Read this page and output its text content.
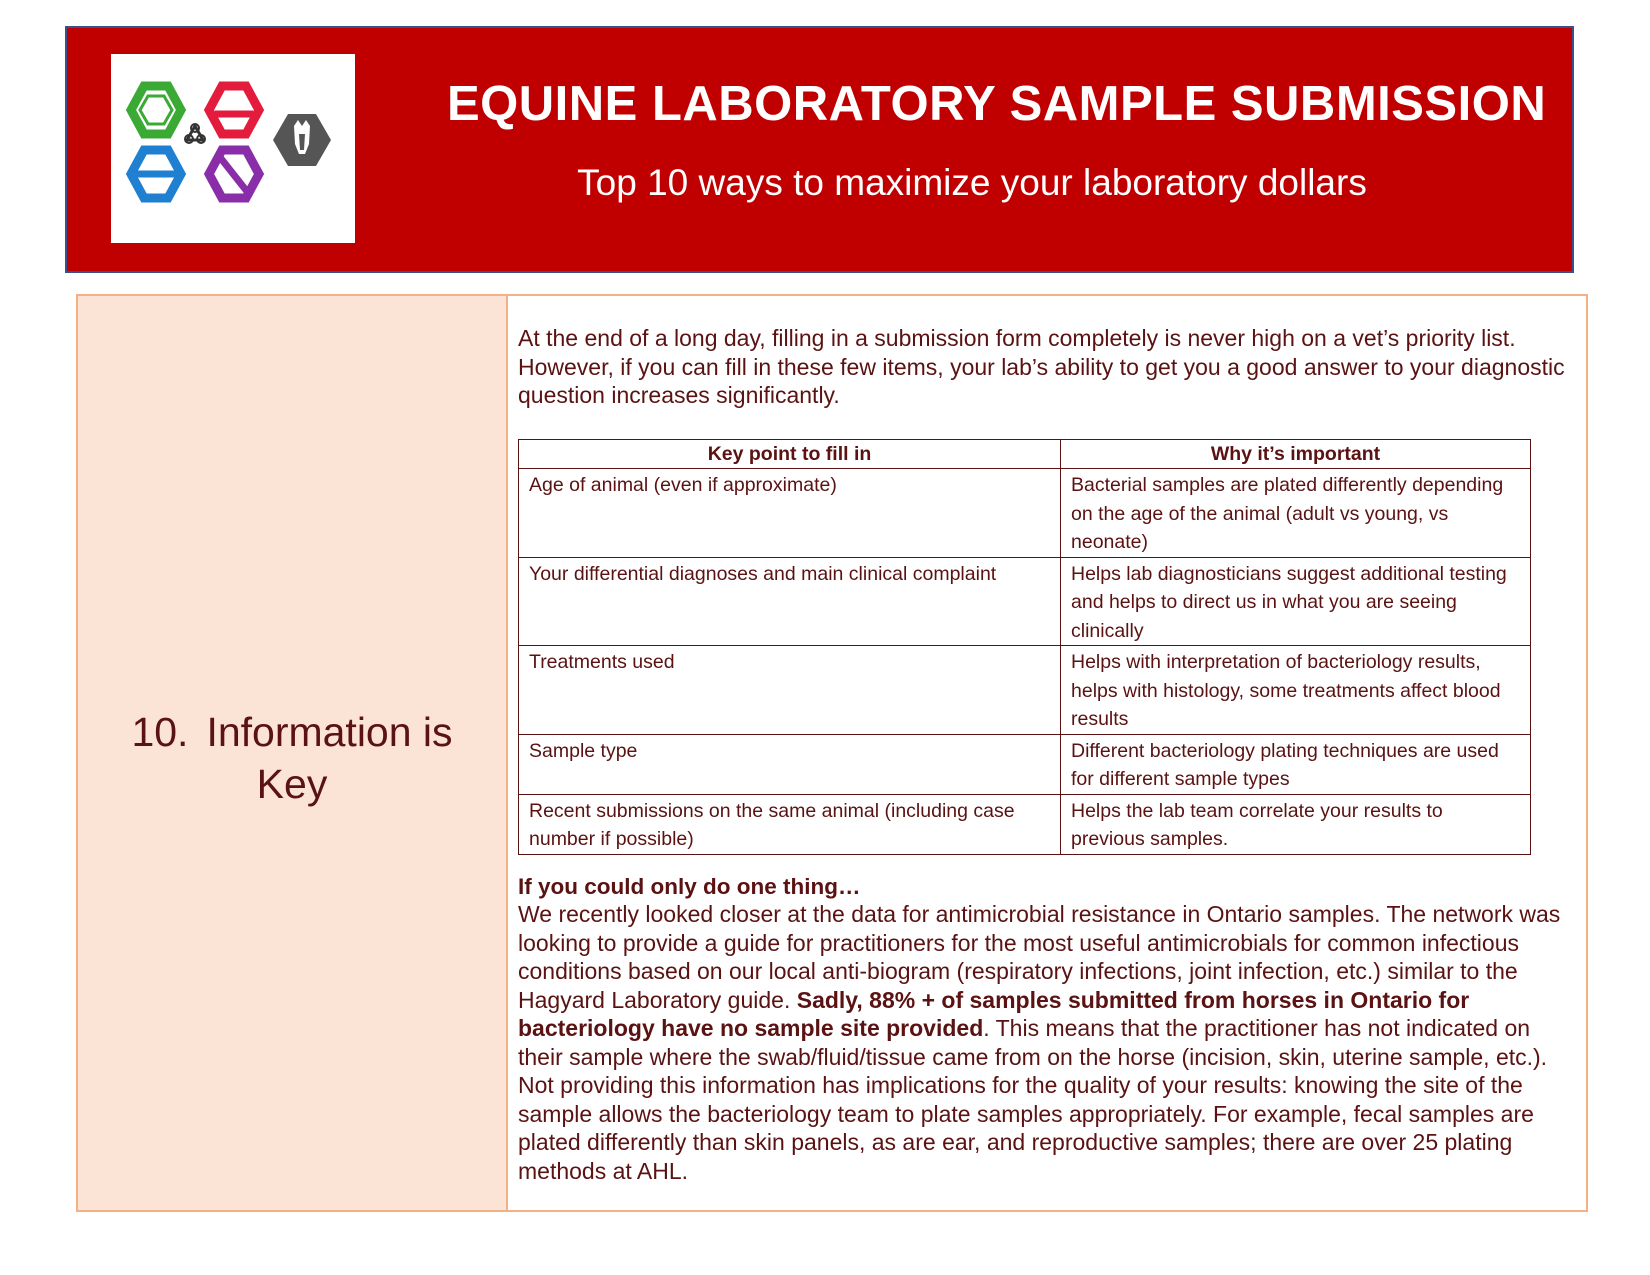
EQUINE LABORATORY SAMPLE SUBMISSION
Top 10 ways to maximize your laboratory dollars
10. Information is
Key
At the end of a long day, filling in a submission form completely is never high on a vet’s priority list. However, if you can fill in these few items, your lab’s ability to get you a good answer to your diagnostic question increases significantly.
Key point to fill in	Why it’s important
Age of animal (even if approximate)	Bacterial samples are plated differently depending on the age of the animal (adult vs young, vs neonate)
Your differential diagnoses and main clinical complaint	Helps lab diagnosticians suggest additional testing and helps to direct us in what you are seeing clinically
Treatments used	Helps with interpretation of bacteriology results, helps with histology, some treatments affect blood results
Sample type	Different bacteriology plating techniques are used for different sample types
Recent submissions on the same animal (including case number if possible)	Helps the lab team correlate your results to previous samples.
If you could only do one thing…
We recently looked closer at the data for antimicrobial resistance in Ontario samples. The network was looking to provide a guide for practitioners for the most useful antimicrobials for common infectious conditions based on our local anti-biogram (respiratory infections, joint infection, etc.) similar to the Hagyard Laboratory guide. Sadly, 88% + of samples submitted from horses in Ontario for bacteriology have no sample site provided. This means that the practitioner has not indicated on their sample where the swab/fluid/tissue came from on the horse (incision, skin, uterine sample, etc.). Not providing this information has implications for the quality of your results: knowing the site of the sample allows the bacteriology team to plate samples appropriately. For example, fecal samples are plated differently than skin panels, as are ear, and reproductive samples; there are over 25 plating methods at AHL.
